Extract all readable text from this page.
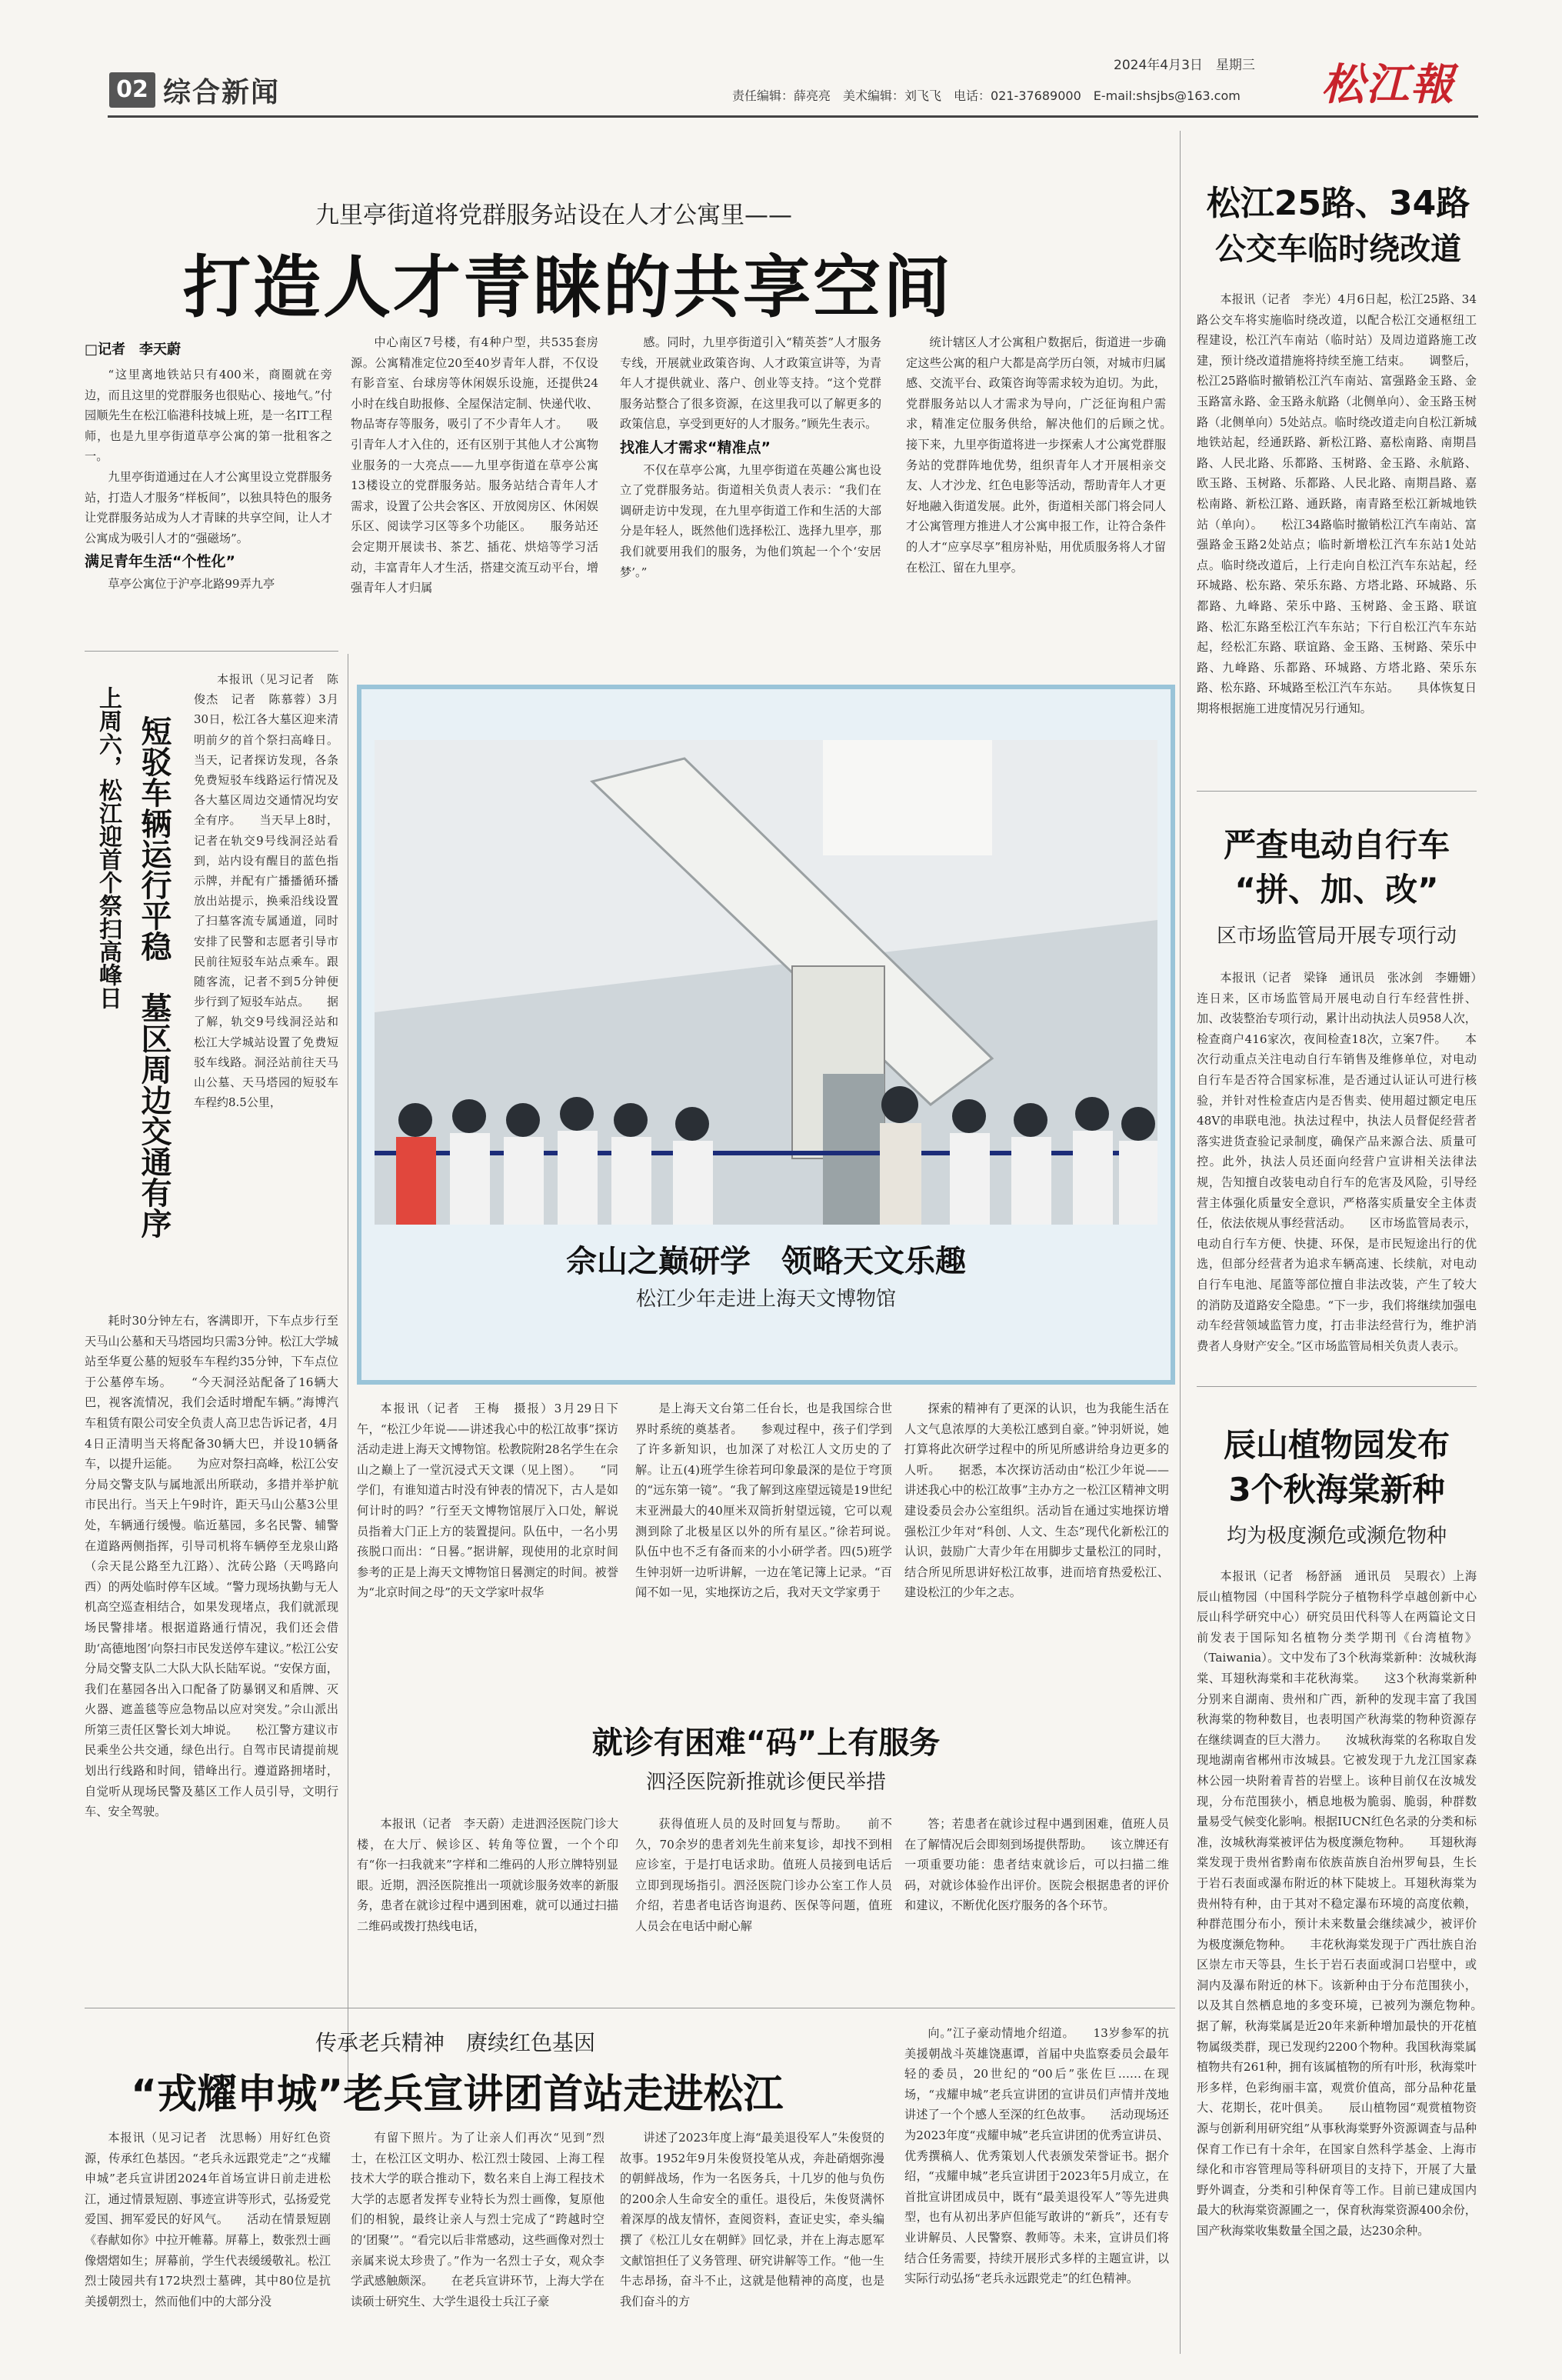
02 综合新闻
2024年4月3日　星期三
责任编辑：薛亮亮　美术编辑：刘飞飞　电话：021-37689000　E-mail:shsjbs@163.com 松江報
九里亭街道将党群服务站设在人才公寓里——
打造人才青睐的共享空间
□记者　李天蔚

“这里离地铁站只有400米，商圈就在旁边，而且这里的党群服务也很贴心、接地气。”付园顺先生在松江临港科技城上班，是一名IT工程师，也是九里亭街道草亭公寓的第一批租客之一。

九里亭街道通过在人才公寓里设立党群服务站，打造人才服务“样板间”，以独具特色的服务让党群服务站成为人才青睐的共享空间，让人才公寓成为吸引人才的“强磁场”。

满足青年生活“个性化”

草亭公寓位于沪亭北路99弄九亭

中心南区7号楼，有4种户型，共535套房源。公寓精准定位20至40岁青年人群，不仅设有影音室、台球房等休闲娱乐设施，还提供24小时在线自助报修、全屋保洁定制、快递代收、物品寄存等服务，吸引了不少青年人才。　　吸引青年人才入住的，还有区别于其他人才公寓物业服务的一大亮点——九里亭街道在草亭公寓13楼设立的党群服务站。服务站结合青年人才需求，设置了公共会客区、开放阅房区、休闲娱乐区、阅读学习区等多个功能区。　　服务站还会定期开展读书、茶艺、插花、烘焙等学习活动，丰富青年人才生活，搭建交流互动平台，增强青年人才归属

感。同时，九里亭街道引入“精英荟”人才服务专线，开展就业政策咨询、人才政策宣讲等，为青年人才提供就业、落户、创业等支持。“这个党群服务站整合了很多资源，在这里我可以了解更多的政策信息，享受到更好的人才服务。”顾先生表示。

找准人才需求“精准点”

不仅在草亭公寓，九里亭街道在英趣公寓也设立了党群服务站。街道相关负责人表示：“我们在调研走访中发现，在九里亭街道工作和生活的大部分是年轻人，既然他们选择松江、选择九里亭，那我们就要用我们的服务，为他们筑起一个个‘安居梦’。”

统计辖区人才公寓租户数据后，街道进一步确定这些公寓的租户大都是高学历白领，对城市归属感、交流平台、政策咨询等需求较为迫切。为此，党群服务站以人才需求为导向，广泛征询租户需求，精准定位服务供给，解决他们的后顾之忧。　　接下来，九里亭街道将进一步探索人才公寓党群服务站的党群阵地优势，组织青年人才开展相亲交友、人才沙龙、红色电影等活动，帮助青年人才更好地融入街道发展。此外，街道相关部门将会同人才公寓管理方推进人才公寓申报工作，让符合条件的人才“应享尽享”租房补贴，用优质服务将人才留在松江、留在九里亭。

松江25路、34路
公交车临时绕改道

本报讯（记者　李光）4月6日起，松江25路、34路公交车将实施临时绕改道，以配合松江交通枢纽工程建设，松江汽车南站（临时站）及周边道路施工改建，预计绕改道措施将持续至施工结束。　　调整后，松江25路临时撤销松江汽车南站、富强路金玉路、金玉路富永路、金玉路永航路（北侧单向）、金玉路玉树路（北侧单向）5处站点。临时绕改道走向自松江新城地铁站起，经通跃路、新松江路、嘉松南路、南期昌路、人民北路、乐都路、玉树路、金玉路、永航路、欧玉路、玉树路、乐都路、人民北路、南期昌路、嘉松南路、新松江路、通跃路，南青路至松江新城地铁站（单向）。　　松江34路临时撤销松江汽车南站、富强路金玉路2处站点；临时新增松江汽车东站1处站点。临时绕改道后，上行走向自松江汽车东站起，经环城路、松东路、荣乐东路、方塔北路、环城路、乐都路、九峰路、荣乐中路、玉树路、金玉路、联谊路、松汇东路至松江汽车东站；下行自松江汽车东站起，经松汇东路、联谊路、金玉路、玉树路、荣乐中路、九峰路、乐都路、环城路、方塔北路、荣乐东路、松东路、环城路至松江汽车东站。　　具体恢复日期将根据施工进度情况另行通知。

严查电动自行车
“拼、加、改”
区市场监管局开展专项行动

本报讯（记者　梁锋　通讯员　张冰剑　李姗姗）连日来，区市场监管局开展电动自行车经营性拼、加、改装整治专项行动，累计出动执法人员958人次，检查商户416家次，夜间检查18次，立案7件。　　本次行动重点关注电动自行车销售及维修单位，对电动自行车是否符合国家标准，是否通过认证认可进行核验，并针对性检查店内是否售卖、使用超过额定电压48V的串联电池。执法过程中，执法人员督促经营者落实进货查验记录制度，确保产品来源合法、质量可控。此外，执法人员还面向经营户宣讲相关法律法规，告知擅自改装电动自行车的危害及风险，引导经营主体强化质量安全意识，严格落实质量安全主体责任，依法依规从事经营活动。　　区市场监管局表示，电动自行车方便、快捷、环保，是市民短途出行的优选，但部分经营者为追求车辆高速、长续航，对电动自行车电池、尾篮等部位擅自非法改装，产生了较大的消防及道路安全隐患。“下一步，我们将继续加强电动车经营领域监管力度，打击非法经营行为，维护消费者人身财产安全。”区市场监管局相关负责人表示。

辰山植物园发布
3个秋海棠新种
均为极度濒危或濒危物种

本报讯（记者　杨舒涵　通讯员　吴瑕衣）上海辰山植物园（中国科学院分子植物科学卓越创新中心辰山科学研究中心）研究员田代科等人在两篇论文日前发表于国际知名植物分类学期刊《台湾植物》（Taiwania）。文中发布了3个秋海棠新种：汝城秋海棠、耳翅秋海棠和丰花秋海棠。　　这3个秋海棠新种分别来自湖南、贵州和广西，新种的发现丰富了我国秋海棠的物种数目，也表明国产秋海棠的物种资源存在继续调查的巨大潜力。　　汝城秋海棠的名称取自发现地湖南省郴州市汝城县。它被发现于九龙江国家森林公园一块附着青苔的岩壁上。该种目前仅在汝城发现，分布范围狭小，栖息地极为脆弱、脆弱，种群数量易受气候变化影响。根据IUCN红色名录的分类和标准，汝城秋海棠被评估为极度濒危物种。　　耳翅秋海棠发现于贵州省黔南布依族苗族自治州罗甸县，生长于岩石表面或瀑布附近的林下陡坡上。耳翅秋海棠为贵州特有种，由于其对不稳定瀑布环境的高度依赖，种群范围分布小，预计未来数量会继续减少，被评价为极度濒危物种。　　丰花秋海棠发现于广西壮族自治区崇左市天等县，生长于岩石表面或洞口岩壁中，或洞内及瀑布附近的林下。该新种由于分布范围狭小，以及其自然栖息地的多变环境，已被列为濒危物种。　　据了解，秋海棠属是近20年来新种增加最快的开花植物属级类群，现已发现约2200个物种。我国秋海棠属植物共有261种，拥有该属植物的所有叶形，秋海棠叶形多样，色彩绚丽丰富，观赏价值高，部分品种花量大、花期长，花叶俱美。　　辰山植物园“观赏植物资源与创新利用研究组”从事秋海棠野外资源调查与品种保育工作已有十余年，在国家自然科学基金、上海市绿化和市容管理局等科研项目的支持下，开展了大量野外调查，分类和引种保育等工作。目前已建成国内最大的秋海棠资源圃之一，保育秋海棠资源400余份，国产秋海棠收集数量全国之最，达230余种。

上周六，松江迎首个祭扫高峰日 短驳车辆运行平稳　墓区周边交通有序

本报讯（见习记者　陈俊杰　记者　陈慕蓉）3月30日，松江各大墓区迎来清明前夕的首个祭扫高峰日。当天，记者探访发现，各条免费短驳车线路运行情况及各大墓区周边交通情况均安全有序。　　当天早上8时，记者在轨交9号线洞泾站看到，站内设有醒目的蓝色指示牌，并配有广播播循环播放出站提示，换乘沿线设置了扫墓客流专属通道，同时安排了民警和志愿者引导市民前往短驳车站点乘车。跟随客流，记者不到5分钟便步行到了短驳车站点。　　据了解，轨交9号线洞泾站和松江大学城站设置了免费短驳车线路。洞泾站前往天马山公墓、天马塔园的短驳车车程约8.5公里，

耗时30分钟左右，客满即开，下车点步行至天马山公墓和天马塔园均只需3分钟。松江大学城站至华夏公墓的短驳车车程约35分钟，下车点位于公墓停车场。　　“今天洞泾站配备了16辆大巴，视客流情况，我们会适时增配车辆。”海博汽车租赁有限公司安全负责人高卫忠告诉记者，4月4日正清明当天将配备30辆大巴，并设10辆备车，以提升运能。　　为应对祭扫高峰，松江公安分局交警支队与属地派出所联动，多措并举护航市民出行。当天上午9时许，距天马山公墓3公里处，车辆通行缓慢。临近墓园，多名民警、辅警在道路两侧指挥，引导司机将车辆停至龙泉山路（佘天昆公路至九江路）、沈砖公路（天鸣路向西）的两处临时停车区域。“警力现场执勤与无人机高空巡查相结合，如果发现堵点，我们就派现场民警排堵。根据道路通行情况，我们还会借助‘高德地图’向祭扫市民发送停车建议。”松江公安分局交警支队二大队大队长陆军说。“安保方面，我们在墓园各出入口配备了防暴钢叉和盾牌、灭火器、遮盖毯等应急物品以应对突发。”佘山派出所第三责任区警长刘大坤说。　　松江警方建议市民乘坐公共交通，绿色出行。自驾市民请提前规划出行线路和时间，错峰出行。遵道路拥堵时，自觉听从现场民警及墓区工作人员引导，文明行车、安全驾驶。

佘山之巅研学　领略天文乐趣
松江少年走进上海天文博物馆

本报讯（记者　王梅　摄报）3月29日下午，“松江少年说——讲述我心中的松江故事”探访活动走进上海天文博物馆。松教院附28名学生在佘山之巅上了一堂沉浸式天文课（见上图）。　　“同学们，有谁知道古时没有钟表的情况下，古人是如何计时的吗？”行至天文博物馆展厅入口处，解说员指着大门正上方的装置提问。队伍中，一名小男孩脱口而出：“日晷。”据讲解，现使用的北京时间参考的正是上海天文博物馆日晷测定的时间。被誉为“北京时间之母”的天文学家叶叔华

是上海天文台第二任台长，也是我国综合世界时系统的奠基者。　　参观过程中，孩子们学到了许多新知识，也加深了对松江人文历史的了解。让五(4)班学生徐若珂印象最深的是位于穹顶的“远东第一镜”。“我了解到这座望远镜是19世纪末亚洲最大的40厘米双筒折射望远镜，它可以观测到除了北极星区以外的所有星区。”徐若珂说。　　队伍中也不乏有备而来的小小研学者。四(5)班学生钟羽妍一边听讲解，一边在笔记簿上记录。“百闻不如一见，实地探访之后，我对天文学家勇于

探索的精神有了更深的认识，也为我能生活在人文气息浓厚的大美松江感到自豪。”钟羽妍说，她打算将此次研学过程中的所见所感讲给身边更多的人听。　　据悉，本次探访活动由“松江少年说——讲述我心中的松江故事”主办方之一松江区精神文明建设委员会办公室组织。活动旨在通过实地探访增强松江少年对“科创、人文、生态”现代化新松江的认识，鼓励广大青少年在用脚步丈量松江的同时，结合所见所思讲好松江故事，进而培育热爱松江、建设松江的少年之志。

就诊有困难“码”上有服务
泗泾医院新推就诊便民举措

本报讯（记者　李天蔚）走进泗泾医院门诊大楼，在大厅、候诊区、转角等位置，一个个印有“你一扫我就来”字样和二维码的人形立牌特别显眼。近期，泗泾医院推出一项就诊服务效率的新服务，患者在就诊过程中遇到困难，就可以通过扫描二维码或拨打热线电话，

获得值班人员的及时回复与帮助。　　前不久，70余岁的患者刘先生前来复诊，却找不到相应诊室，于是打电话求助。值班人员接到电话后立即到现场指引。泗泾医院门诊办公室工作人员介绍，若患者电话咨询退药、医保等问题，值班人员会在电话中耐心解

答；若患者在就诊过程中遇到困难，值班人员在了解情况后会即刻到场提供帮助。　　该立牌还有一项重要功能：患者结束就诊后，可以扫描二维码，对就诊体验作出评价。医院会根据患者的评价和建议，不断优化医疗服务的各个环节。

传承老兵精神　赓续红色基因
“戎耀申城”老兵宣讲团首站走进松江

本报讯（见习记者　沈思畅）用好红色资源，传承红色基因。“老兵永远跟党走”之“戎耀申城”老兵宣讲团2024年首场宣讲日前走进松江，通过情景短剧、事迹宣讲等形式，弘扬爱党爱国、拥军爱民的好风气。　　活动在情景短剧《春献如你》中拉开帷幕。屏幕上，数张烈士画像熠熠如生；屏幕前，学生代表缓缓敬礼。松江烈士陵园共有172块烈士墓碑，其中80位是抗美援朝烈士，然而他们中的大部分没

有留下照片。为了让亲人们再次“见到”烈士，在松江区文明办、松江烈士陵园、上海工程技术大学的联合推动下，数名来自上海工程技术大学的志愿者发挥专业特长为烈士画像，复原他们的相貌，最终让亲人与烈士完成了“跨越时空的‘团聚’”。“看完以后非常感动，这些画像对烈士亲属来说太珍贵了。”作为一名烈士子女，观众李学武感触颇深。　　在老兵宣讲环节，上海大学在读硕士研究生、大学生退役士兵江子豪

讲述了2023年度上海“最美退役军人”朱俊贤的故事。1952年9月朱俊贤投笔从戎，奔赴硝烟弥漫的朝鲜战场，作为一名医务兵，十几岁的他与负伤的200余人生命安全的重任。退役后，朱俊贤满怀着深厚的战友情怀，查阅资料，查证史实，牵头编撰了《松江儿女在朝鲜》回忆录，并在上海志愿军文献馆担任了义务管理、研究讲解等工作。“他一生牛志昂扬，奋斗不止，这就是他精神的高度，也是我们奋斗的方

向。”江子豪动情地介绍道。　　13岁参军的抗美援朝战斗英雄饶惠谭，首届中央监察委员会最年轻的委员，20世纪的“00后”张佐巨……在现场，“戎耀申城”老兵宣讲团的宣讲员们声情并茂地讲述了一个个感人至深的红色故事。　　活动现场还为2023年度“戎耀申城”老兵宣讲团的优秀宣讲员、优秀撰稿人、优秀策划人代表颁发荣誉证书。据介绍，“戎耀申城”老兵宣讲团于2023年5月成立，在首批宣讲团成员中，既有“最美退役军人”等先进典型，也有从初出茅庐但能写敢讲的“新兵”，还有专业讲解员、人民警察、教师等。未来，宣讲员们将结合任务需要，持续开展形式多样的主题宣讲，以实际行动弘扬“老兵永远跟党走”的红色精神。
